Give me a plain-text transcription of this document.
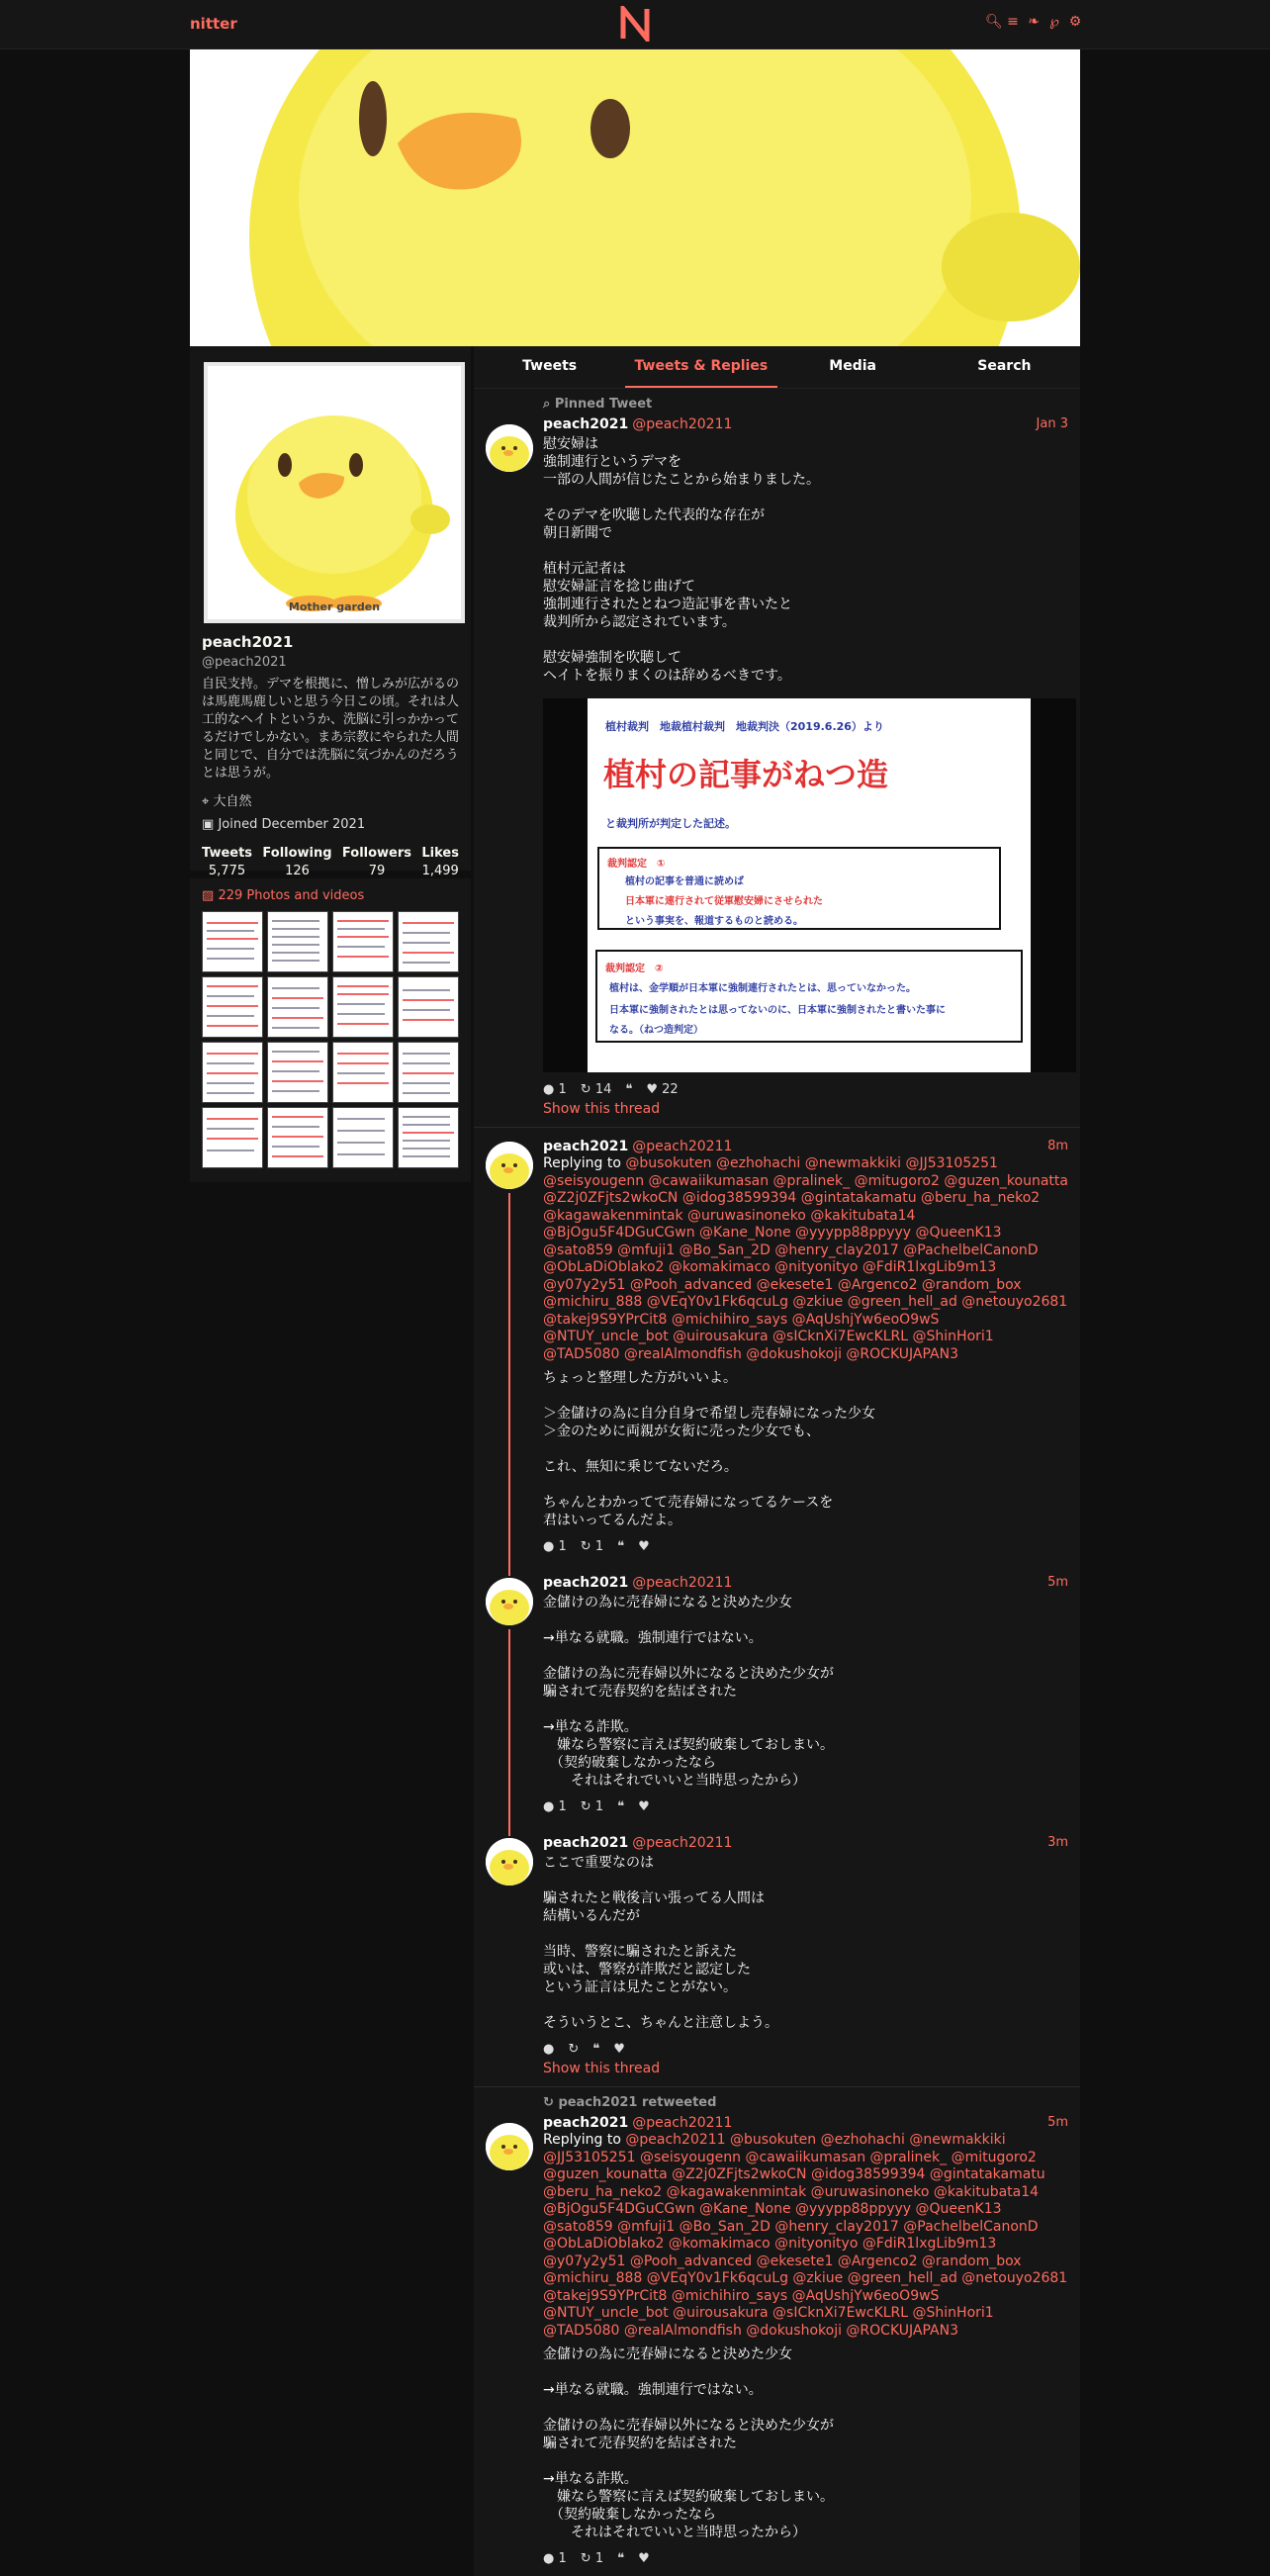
nitter	🔍︎ ≡ ❧ ℘ ⚙
Mother garden
peach2021
@peach2021
自民支持。デマを根拠に、憎しみが広がるのは馬鹿馬鹿しいと思う今日この頃。それは人工的なヘイトというか、洗脳に引っかかってるだけでしかない。まあ宗教にやられた人間と同じで、自分では洗脳に気づかんのだろうとは思うが。
⌖ 大自然
▣ Joined December 2021
Tweets
5,775
Following
126
Followers
79
Likes
1,499
▨ 229 Photos and videos
Tweets	Tweets & Replies	Media	Search
⌕ Pinned Tweet
peach2021 @peach20211	Jan 3
慰安婦は
強制連行というデマを
一部の人間が信じたことから始まりました。

そのデマを吹聴した代表的な存在が
朝日新聞で

植村元記者は
慰安婦証言を捻じ曲げて
強制連行されたとねつ造記事を書いたと
裁判所から認定されています。

慰安婦強制を吹聴して
ヘイトを振りまくのは辞めるべきです。
植村裁判　地裁植村裁判　地裁判決（2019.6.26）より
植村の記事がねつ造
と裁判所が判定した記述。
裁判認定　①
植村の記事を普通に読めば
日本軍に連行されて従軍慰安婦にさせられた
という事実を、報道するものと読める。
裁判認定　②
植村は、金学順が日本軍に強制連行されたとは、思っていなかった。
日本軍に強制されたとは思ってないのに、日本軍に強制されたと書いた事に
なる。（ねつ造判定）
● 1 ↻ 14 ❝ ♥ 22
Show this thread
peach2021 @peach20211	8m
Replying to @busokuten @ezhohachi @newmakkiki @JJ53105251 @seisyougenn @cawaiikumasan @pralinek_ @mitugoro2 @guzen_kounatta @Z2j0ZFjts2wkoCN @idog38599394 @gintatakamatu @beru_ha_neko2 @kagawakenmintak @uruwasinoneko @kakitubata14 @BjOgu5F4DGuCGwn @Kane_None @yyypp88ppyyy @QueenK13 @sato859 @mfuji1 @Bo_San_2D @henry_clay2017 @PachelbelCanonD @ObLaDiOblako2 @komakimaco @nityonityo @FdiR1lxgLib9m13 @y07y2y51 @Pooh_advanced @ekesete1 @Argenco2 @random_box @michiru_888 @VEqY0v1Fk6qcuLg @zkiue @green_hell_ad @netouyo2681 @takej9S9YPrCit8 @michihiro_says @AqUshjYw6eoO9wS @NTUY_uncle_bot @uirousakura @sICknXi7EwcKLRL @ShinHori1 @TAD5080 @realAlmondfish @dokushokoji @ROCKUJAPAN3
ちょっと整理した方がいいよ。

＞金儲けの為に自分自身で希望し売春婦になった少女
＞金のために両親が女衒に売った少女でも、

これ、無知に乗じてないだろ。

ちゃんとわかってて売春婦になってるケースを
君はいってるんだよ。
● 1 ↻ 1 ❝ ♥
peach2021 @peach20211	5m
金儲けの為に売春婦になると決めた少女

→単なる就職。強制連行ではない。

金儲けの為に売春婦以外になると決めた少女が
騙されて売春契約を結ばされた

→単なる詐欺。
　嫌なら警察に言えば契約破棄しておしまい。
　（契約破棄しなかったなら
　　それはそれでいいと当時思ったから）
● 1 ↻ 1 ❝ ♥
peach2021 @peach20211	3m
ここで重要なのは

騙されたと戦後言い張ってる人間は
結構いるんだが

当時、警察に騙されたと訴えた
或いは、警察が詐欺だと認定した
という証言は見たことがない。

そういうとこ、ちゃんと注意しよう。
● ↻ ❝ ♥
Show this thread
↻ peach2021 retweeted
peach2021 @peach20211	5m
Replying to @peach20211 @busokuten @ezhohachi @newmakkiki @JJ53105251 @seisyougenn @cawaiikumasan @pralinek_ @mitugoro2 @guzen_kounatta @Z2j0ZFjts2wkoCN @idog38599394 @gintatakamatu @beru_ha_neko2 @kagawakenmintak @uruwasinoneko @kakitubata14 @BjOgu5F4DGuCGwn @Kane_None @yyypp88ppyyy @QueenK13 @sato859 @mfuji1 @Bo_San_2D @henry_clay2017 @PachelbelCanonD @ObLaDiOblako2 @komakimaco @nityonityo @FdiR1lxgLib9m13 @y07y2y51 @Pooh_advanced @ekesete1 @Argenco2 @random_box @michiru_888 @VEqY0v1Fk6qcuLg @zkiue @green_hell_ad @netouyo2681 @takej9S9YPrCit8 @michihiro_says @AqUshjYw6eoO9wS @NTUY_uncle_bot @uirousakura @sICknXi7EwcKLRL @ShinHori1 @TAD5080 @realAlmondfish @dokushokoji @ROCKUJAPAN3
金儲けの為に売春婦になると決めた少女

→単なる就職。強制連行ではない。

金儲けの為に売春婦以外になると決めた少女が
騙されて売春契約を結ばされた

→単なる詐欺。
　嫌なら警察に言えば契約破棄しておしまい。
　（契約破棄しなかったなら
　　それはそれでいいと当時思ったから）
● 1 ↻ 1 ❝ ♥
